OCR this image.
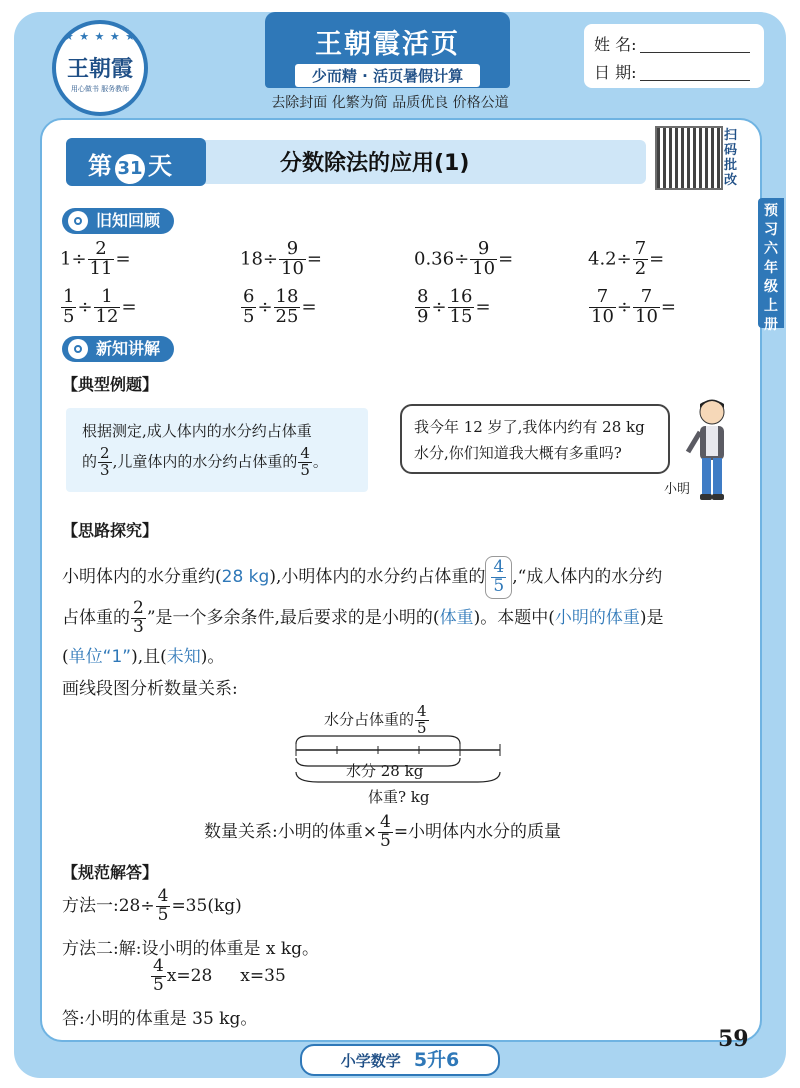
★ ★ ★ ★ ★
王朝霞
用心做书 服务教师
王朝霞活页
少而精 · 活页暑假计算
去除封面 化繁为简 品质优良 价格公道
姓 名:
日 期:
第 31 天	分数除法的应用(1)
扫码批改
预习六年级上册
旧知回顾
$1\div \frac{2}{11}$ =	$18\div \frac{9}{10}$ =	$0.36\div \frac{9}{10}$ =	$4.2\div \frac{7}{2}$ =
$\frac{1}{5} \div \frac{1}{12}$ =	$\frac{6}{5} \div \frac{18}{25}$ =	$\frac{8}{9} \div \frac{16}{15}$ =	$\frac{7}{10} \div \frac{7}{10}$ =
新知讲解
【典型例题】
根据测定,成人体内的水分约占体重
的 $\frac{2}{3}$ ,儿童体内的水分约占体重的 $\frac{4}{5}$ 。
我今年 12 岁了,我体内约有 28 kg
水分,你们知道我大概有多重吗?
小明
【思路探究】
小明体内的水分重约(28 kg),小明体内的水分约占体重的 $\frac{4}{5}$ ,“成人体内的水分约
占体重的 $\frac{2}{3}$ ”是一个多余条件,最后要求的是小明的(体重)。本题中(小明的体重)是
(单位“1”),且(未知)。
画线段图分析数量关系:
水分占体重的 $\frac{4}{5}$
水分 28 kg
体重? kg
数量关系:小明的体重× $\frac{4}{5}$ =小明体内水分的质量
【规范解答】
方法一:28÷ $\frac{4}{5} =35(kg)$
方法二:解:设小明的体重是 x kg。
$\frac{4}{5} x=28$ x=35
答:小明的体重是 35 kg。
59
小学数学 5升6
